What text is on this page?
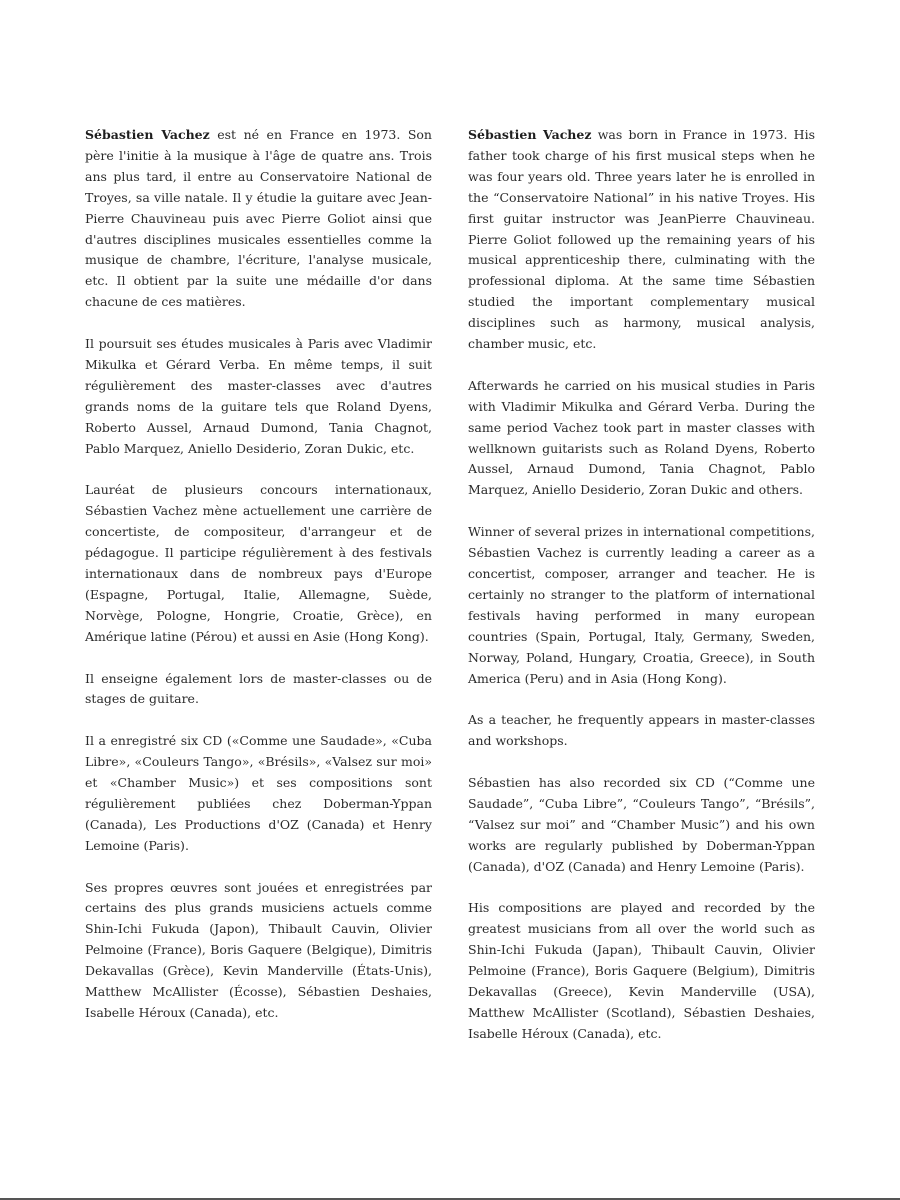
Sébastien Vachez est né en France en 1973. Son père l'initie à la musique à l'âge de quatre ans. Trois ans plus tard, il entre au Conservatoire National de Troyes, sa ville natale. Il y étudie la guitare avec Jean-Pierre Chauvineau puis avec Pierre Goliot ainsi que d'autres disciplines musicales essentielles comme la musique de chambre, l'écriture, l'analyse musicale, etc. Il obtient par la suite une médaille d'or dans chacune de ces matières.

Il poursuit ses études musicales à Paris avec Vladimir Mikulka et Gérard Verba. En même temps, il suit régulièrement des master-classes avec d'autres grands noms de la guitare tels que Roland Dyens, Roberto Aussel, Arnaud Dumond, Tania Chagnot, Pablo Marquez, Aniello Desiderio, Zoran Dukic, etc.

Lauréat de plusieurs concours internationaux, Sébastien Vachez mène actuellement une carrière de concertiste, de compositeur, d'arrangeur et de pédagogue. Il participe régulièrement à des festivals internationaux dans de nombreux pays d'Europe (Espagne, Portugal, Italie, Allemagne, Suède, Norvège, Pologne, Hongrie, Croatie, Grèce), en Amérique latine (Pérou) et aussi en Asie (Hong Kong).

Il enseigne également lors de master-classes ou de stages de guitare.

Il a enregistré six CD («Comme une Saudade», «Cuba Libre», «Couleurs Tango», «Brésils», «Valsez sur moi» et «Chamber Music») et ses compositions sont régulièrement publiées chez Doberman-Yppan (Canada), Les Productions d'OZ (Canada) et Henry Lemoine (Paris).

Ses propres œuvres sont jouées et enregistrées par certains des plus grands musiciens actuels comme Shin-Ichi Fukuda (Japon), Thibault Cauvin, Olivier Pelmoine (France), Boris Gaquere (Belgique), Dimitris Dekavallas (Grèce), Kevin Manderville (États-Unis), Matthew McAllister (Écosse), Sébastien Deshaies, Isabelle Héroux (Canada), etc.

Sébastien Vachez was born in France in 1973. His father took charge of his first musical steps when he was four years old. Three years later he is enrolled in the “Conservatoire National” in his native Troyes. His first guitar instructor was JeanPierre Chauvineau. Pierre Goliot followed up the remaining years of his musical apprenticeship there, culminating with the professional diploma. At the same time Sébastien studied the important complementary musical disciplines such as harmony, musical analysis, chamber music, etc.

Afterwards he carried on his musical studies in Paris with Vladimir Mikulka and Gérard Verba. During the same period Vachez took part in master classes with wellknown guitarists such as Roland Dyens, Roberto Aussel, Arnaud Dumond, Tania Chagnot, Pablo Marquez, Aniello Desiderio, Zoran Dukic and others.

Winner of several prizes in international competitions, Sébastien Vachez is currently leading a career as a concertist, composer, arranger and teacher. He is certainly no stranger to the platform of international festivals having performed in many european countries (Spain, Portugal, Italy, Germany, Sweden, Norway, Poland, Hungary, Croatia, Greece), in South America (Peru) and in Asia (Hong Kong).

As a teacher, he frequently appears in master-classes and workshops.

Sébastien has also recorded six CD (“Comme une Saudade”, “Cuba Libre”, “Couleurs Tango”, “Brésils”, “Valsez sur moi” and “Chamber Music”) and his own works are regularly published by Doberman-Yppan (Canada), d'OZ (Canada) and Henry Lemoine (Paris).

His compositions are played and recorded by the greatest musicians from all over the world such as Shin-Ichi Fukuda (Japan), Thibault Cauvin, Olivier Pelmoine (France), Boris Gaquere (Belgium), Dimitris Dekavallas (Greece), Kevin Manderville (USA), Matthew McAllister (Scotland), Sébastien Deshaies, Isabelle Héroux (Canada), etc.
